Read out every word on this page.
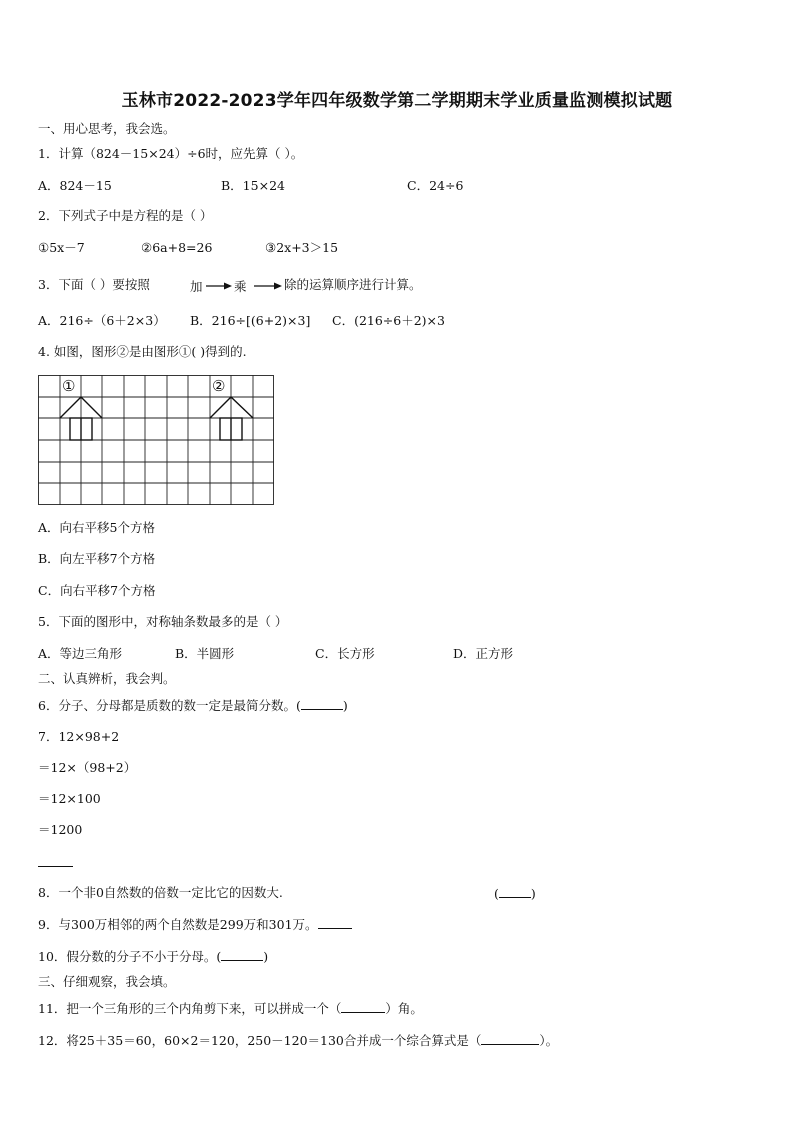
玉林市2022-2023学年四年级数学第二学期期末学业质量监测模拟试题
一、用心思考，我会选。
1．计算（824－15×24）÷6时，应先算（ ）。
A．824－15	B．15×24	C．24÷6
2．下列式子中是方程的是（ ）
①5x－7	②6a+8=26	③2x+3＞15
3．下面（ ）要按照	加	乘	除的运算顺序进行计算。
A．216÷（6＋2×3） B．216÷[(6+2)×3] C．(216÷6＋2)×3
4. 如图，图形②是由图形①( )得到的.
①	②
A．向右平移5个方格
B．向左平移7个方格
C．向右平移7个方格
5．下面的图形中，对称轴条数最多的是（ ）
A．等边三角形	B．半圆形	C．长方形	D．正方形
二、认真辨析，我会判。
6．分子、分母都是质数的数一定是最简分数。(	)
7．12×98+2
＝12×（98+2）
＝12×100
＝1200
8．一个非0自然数的倍数一定比它的因数大.	(	)
9．与300万相邻的两个自然数是299万和301万。
10．假分数的分子不小于分母。(	)
三、仔细观察，我会填。
11．把一个三角形的三个内角剪下来，可以拼成一个（	）角。
12．将25＋35＝60，60×2＝120，250－120＝130合并成一个综合算式是（	）。
